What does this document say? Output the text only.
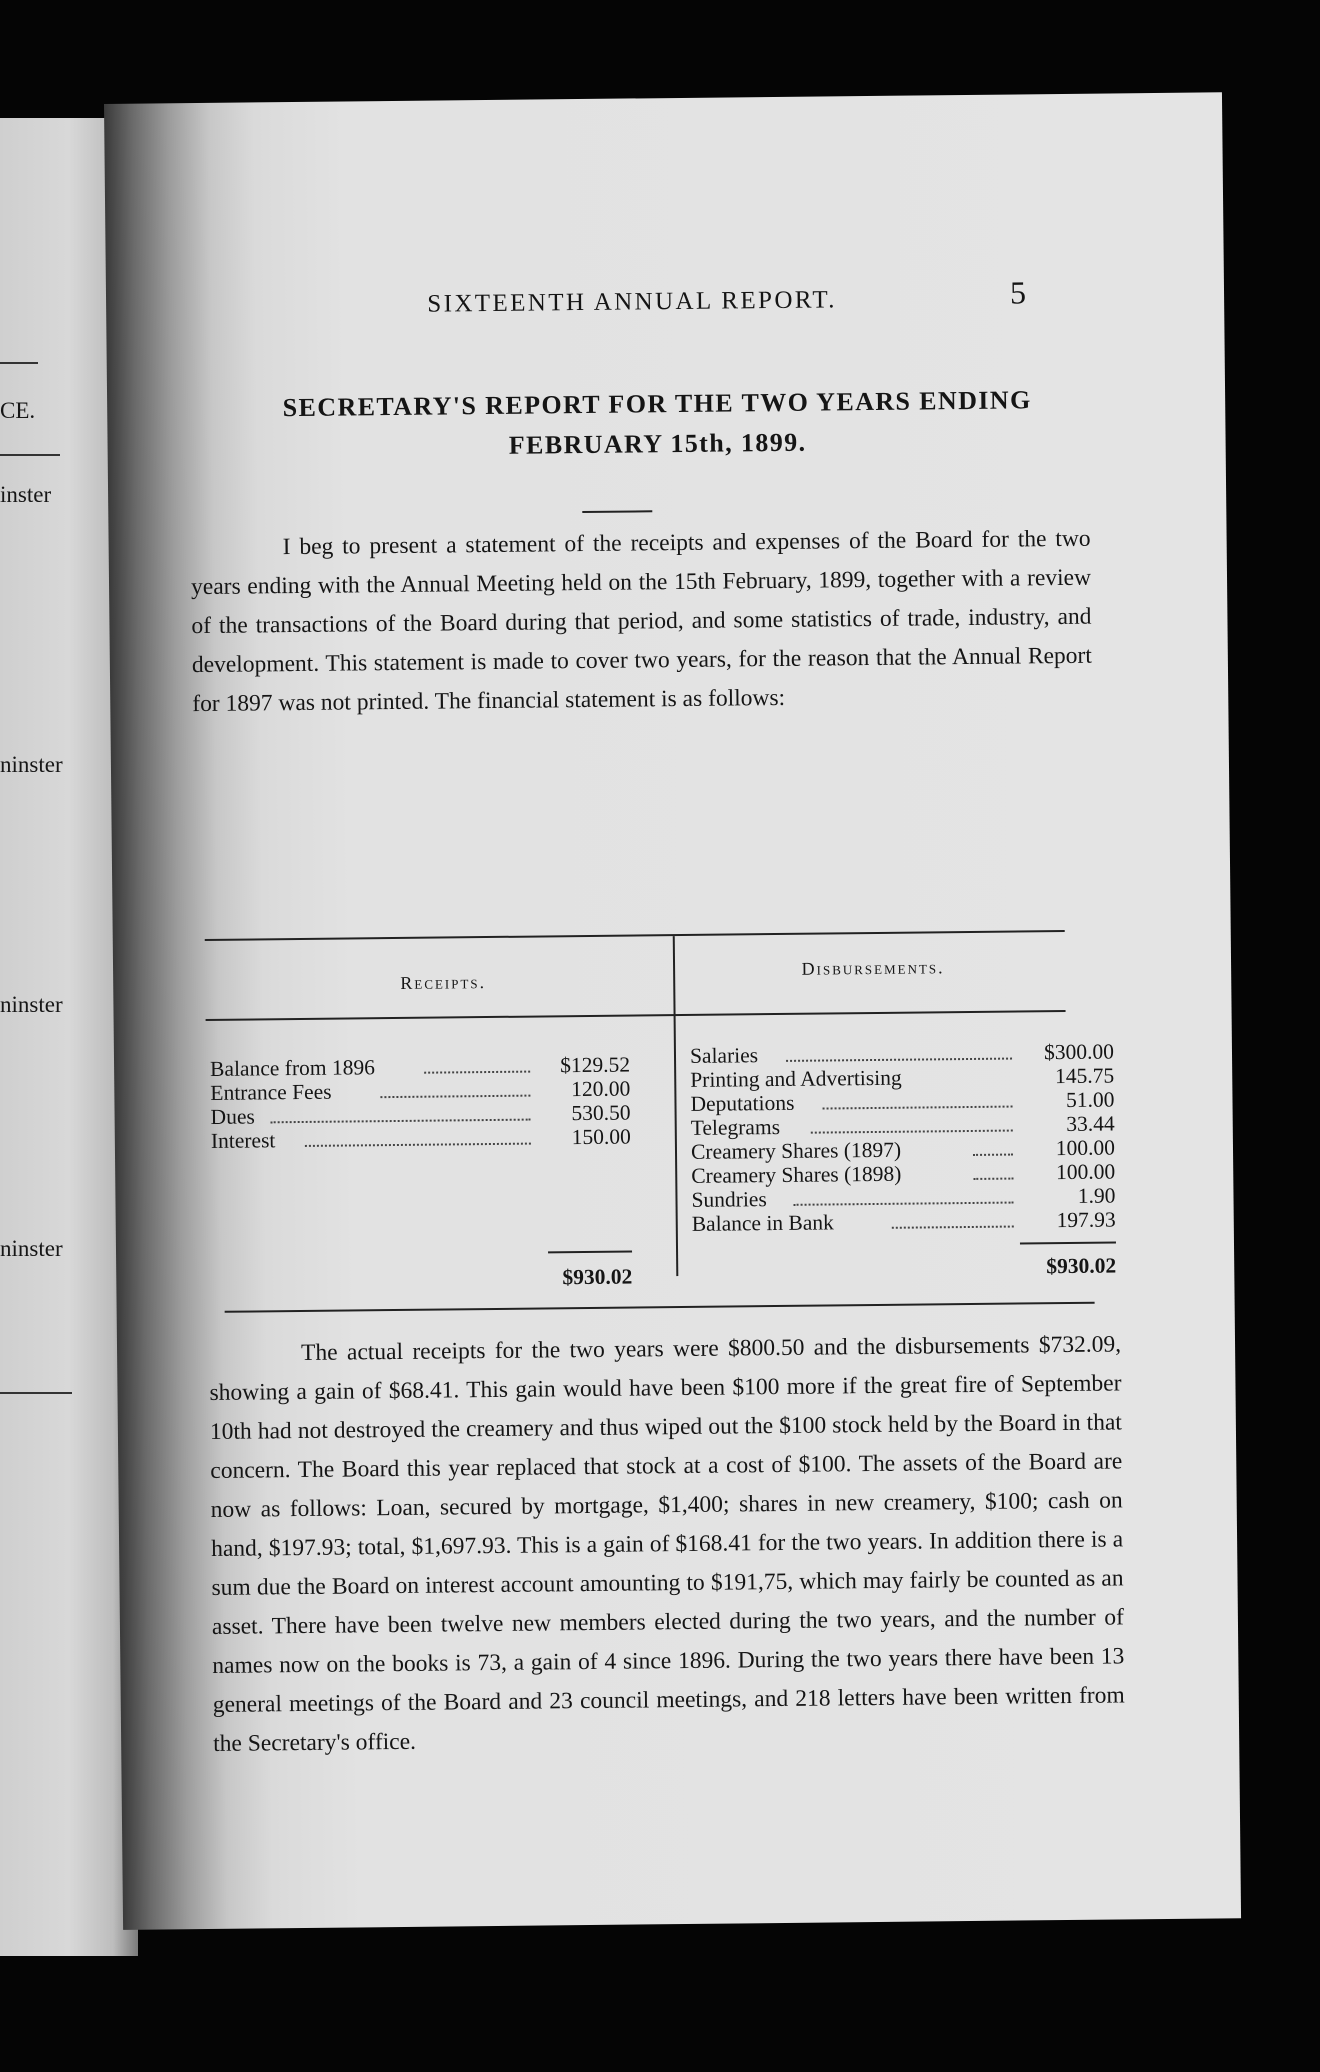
CE.
inster
ninster
ninster
ninster
SIXTEENTH ANNUAL REPORT.	5
SECRETARY'S REPORT FOR THE TWO YEARS ENDING
FEBRUARY 15th, 1899.

I beg to present a statement of the receipts and expenses of the Board for the two years ending with the Annual Meeting held on the 15th February, 1899, together with a review of the transactions of the Board during that period, and some statistics of trade, industry, and development. This statement is made to cover two years, for the reason that the Annual Report for 1897 was not printed. The financial statement is as follows:

Receipts.
Disbursements.
Balance from 1896	$129.52
Entrance Fees	120.00
Dues	530.50
Interest	150.00
Salaries	$300.00
Printing and Advertising	145.75
Deputations	51.00
Telegrams	33.44
Creamery Shares (1897)	100.00
Creamery Shares (1898)	100.00
Sundries	1.90
Balance in Bank	197.93
$930.02	$930.02

The actual receipts for the two years were $800.50 and the disbursements $732.09, showing a gain of $68.41. This gain would have been $100 more if the great fire of September 10th had not destroyed the creamery and thus wiped out the $100 stock held by the Board in that concern. The Board this year replaced that stock at a cost of $100. The assets of the Board are now as follows: Loan, secured by mortgage, $1,400; shares in new creamery, $100; cash on hand, $197.93; total, $1,697.93. This is a gain of $168.41 for the two years. In addition there is a sum due the Board on interest account amounting to $191,75, which may fairly be counted as an asset. There have been twelve new members elected during the two years, and the number of names now on the books is 73, a gain of 4 since 1896. During the two years there have been 13 general meetings of the Board and 23 council meetings, and 218 letters have been written from the Secretary's office.
